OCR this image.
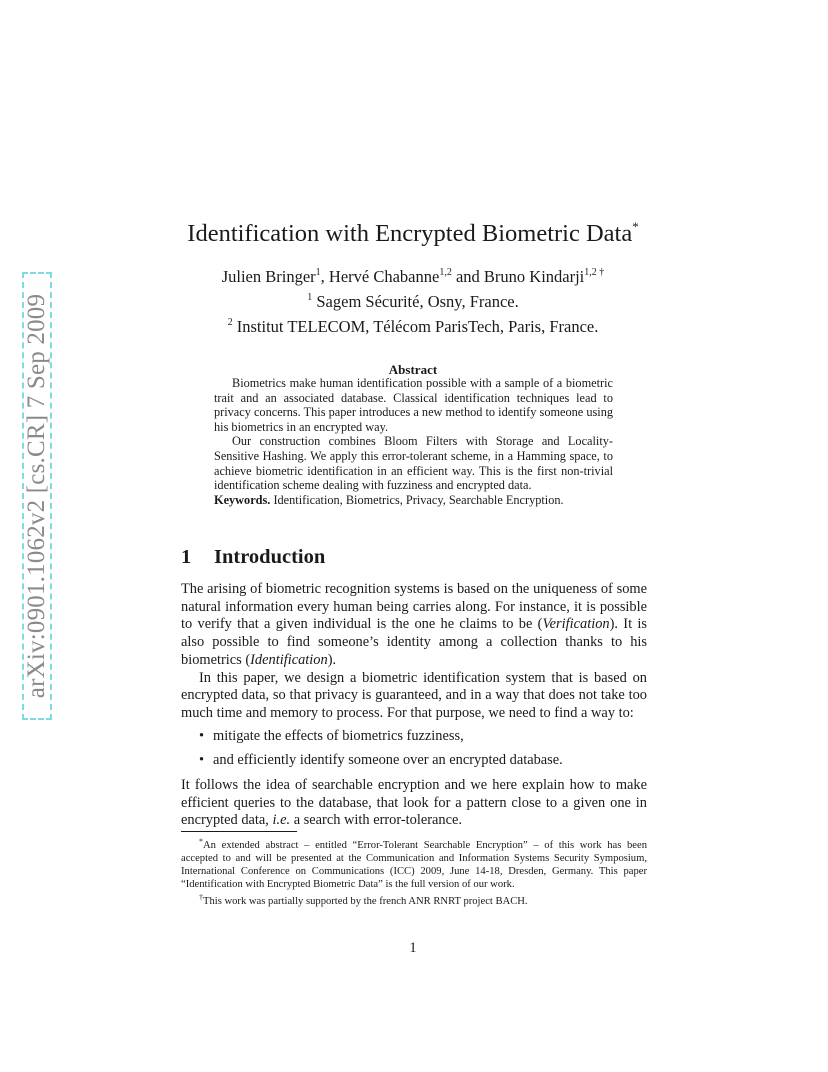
arXiv:0901.1062v2 [cs.CR] 7 Sep 2009
Identification with Encrypted Biometric Data*
Julien Bringer$^1$, Hervé Chabanne$^{1,2}$ and Bruno Kindarji$^{1,2 \dagger}$
$^1$ Sagem Sécurité, Osny, France.
$^2$ Institut TELECOM, Télécom ParisTech, Paris, France.
Abstract

Biometrics make human identification possible with a sample of a biometric trait and an associated database. Classical identification techniques lead to privacy concerns. This paper introduces a new method to identify someone using his biometrics in an encrypted way.

Our construction combines Bloom Filters with Storage and Locality-Sensitive Hashing. We apply this error-tolerant scheme, in a Hamming space, to achieve biometric identification in an efficient way. This is the first non-trivial identification scheme dealing with fuzziness and encrypted data.

Keywords. Identification, Biometrics, Privacy, Searchable Encryption.

1 Introduction

The arising of biometric recognition systems is based on the uniqueness of some natural information every human being carries along. For instance, it is possible to verify that a given individual is the one he claims to be (Verification). It is also possible to find someone’s identity among a collection thanks to his biometrics (Identification).

In this paper, we design a biometric identification system that is based on encrypted data, so that privacy is guaranteed, and in a way that does not take too much time and memory to process. For that purpose, we need to find a way to:

• mitigate the effects of biometrics fuzziness,
• and efficiently identify someone over an encrypted database.

It follows the idea of searchable encryption and we here explain how to make efficient queries to the database, that look for a pattern close to a given one in encrypted data, i.e. a search with error-tolerance.

*An extended abstract – entitled “Error-Tolerant Searchable Encryption” – of this work has been accepted to and will be presented at the Communication and Information Systems Security Symposium, International Conference on Communications (ICC) 2009, June 14-18, Dresden, Germany. This paper “Identification with Encrypted Biometric Data” is the full version of our work.

†This work was partially supported by the french ANR RNRT project BACH.

1
